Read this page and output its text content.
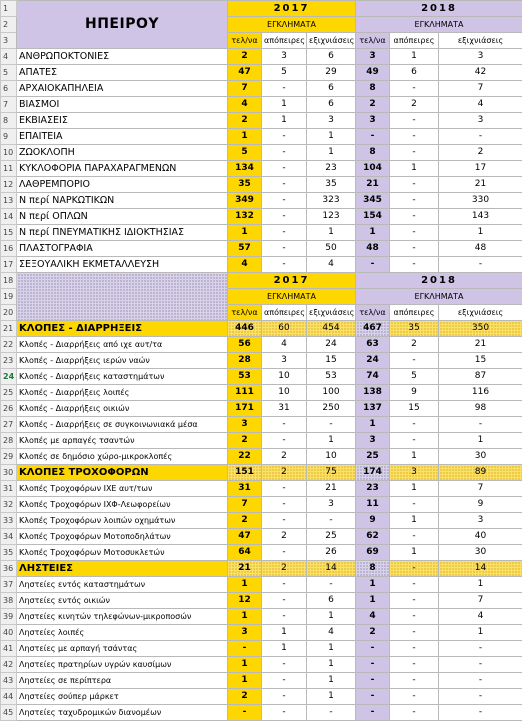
1	ΗΠΕΙΡΟΥ	2017			2018		
2		ΕΓΚΛΗΜΑΤΑ			ΕΓΚΛΗΜΑΤΑ		
3		τελ/να	απόπειρες	εξιχνιάσεις	τελ/να	απόπειρες	εξιχνιάσεις
4	ΑΝΘΡΩΠΟΚΤΟΝΙΕΣ	2	3	6	3	1	3
5	ΑΠΑΤΕΣ	47	5	29	49	6	42
6	ΑΡΧΑΙΟΚΑΠΗΛΕΙΑ	7	-	6	8	-	7
7	ΒΙΑΣΜΟΙ	4	1	6	2	2	4
8	ΕΚΒΙΑΣΕΙΣ	2	1	3	3	-	3
9	ΕΠΑΙΤΕΙΑ	1	-	1	-	-	-
10	ΖΩΟΚΛΟΠΗ	5	-	1	8	-	2
11	ΚΥΚΛΟΦΟΡΙΑ ΠΑΡΑΧΑΡΑΓΜΕΝΩΝ	134	-	23	104	1	17
12	ΛΑΘΡΕΜΠΟΡΙΟ	35	-	35	21	-	21
13	Ν περί ΝΑΡΚΩΤΙΚΩΝ	349	-	323	345	-	330
14	Ν περί ΟΠΛΩΝ	132	-	123	154	-	143
15	Ν περί ΠΝΕΥΜΑΤΙΚΗΣ ΙΔΙΟΚΤΗΣΙΑΣ	1	-	1	1	-	1
16	ΠΛΑΣΤΟΓΡΑΦΙΑ	57	-	50	48	-	48
17	ΣΕΞΟΥΑΛΙΚΗ ΕΚΜΕΤΑΛΛΕΥΣΗ	4	-	4	-	-	-
18		2017			2018		
19		ΕΓΚΛΗΜΑΤΑ			ΕΓΚΛΗΜΑΤΑ		
20		τελ/να	απόπειρες	εξιχνιάσεις	τελ/να	απόπειρες	εξιχνιάσεις
21	ΚΛΟΠΕΣ - ΔΙΑΡΡΗΞΕΙΣ	446	60	454	467	35	350
22	Κλοπές - Διαρρήξεις από ιχε αυτ/τα	56	4	24	63	2	21
23	Κλοπές - Διαρρήξεις ιερών ναών	28	3	15	24	-	15
24	Κλοπές - Διαρρήξεις καταστημάτων	53	10	53	74	5	87
25	Κλοπές - Διαρρήξεις λοιπές	111	10	100	138	9	116
26	Κλοπές - Διαρρήξεις οικιών	171	31	250	137	15	98
27	Κλοπές - Διαρρήξεις σε συγκοινωνιακά μέσα	3	-	-	1	-	-
28	Κλοπές με αρπαγές τσαντών	2	-	1	3	-	1
29	Κλοπές σε δημόσιο χώρο-μικροκλοπές	22	2	10	25	1	30
30	ΚΛΟΠΕΣ ΤΡΟΧΟΦΟΡΩΝ	151	2	75	174	3	89
31	Κλοπές Τροχοφόρων ΙΧΕ αυτ/των	31	-	21	23	1	7
32	Κλοπές Τροχοφόρων ΙΧΦ-Λεωφορείων	7	-	3	11	-	9
33	Κλοπές Τροχοφόρων λοιπών οχημάτων	2	-	-	9	1	3
34	Κλοπές Τροχοφόρων Μοτοποδηλάτων	47	2	25	62	-	40
35	Κλοπές Τροχοφόρων Μοτοσυκλετών	64	-	26	69	1	30
36	ΛΗΣΤΕΙΕΣ	21	2	14	8	-	14
37	Ληστείες εντός καταστημάτων	1	-	-	1	-	1
38	Ληστείες εντός οικιών	12	-	6	1	-	7
39	Ληστείες κινητών τηλεφώνων-μικροποσών	1	-	1	4	-	4
40	Ληστείες λοιπές	3	1	4	2	-	1
41	Ληστείες με αρπαγή τσάντας	-	1	1	-	-	-
42	Ληστείες πρατηρίων υγρών καυσίμων	1	-	1	-	-	-
43	Ληστείες σε περίπτερα	1	-	1	-	-	-
44	Ληστείες σούπερ μάρκετ	2	-	1	-	-	-
45	Ληστείες ταχυδρομικών διανομέων	-	-	-	-	-	-
